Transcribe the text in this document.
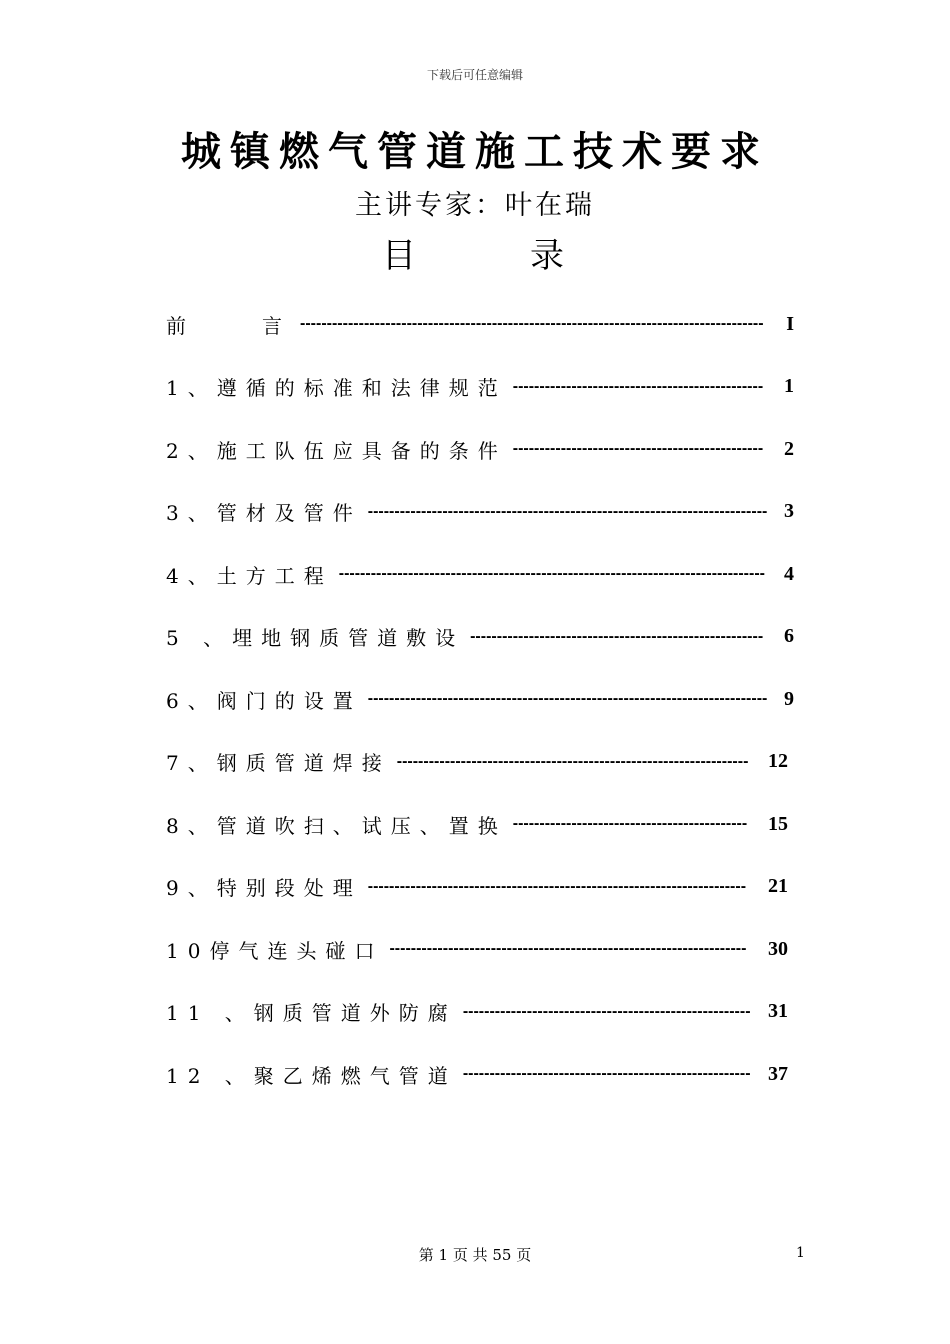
下载后可任意编辑
城镇燃气管道施工技术要求
主讲专家：叶在瑞
目	录
前　　言 --------------------------------------------------------------------------------------- I
1、遵循的标准和法律规范 ----------------------------------------------- 1
2、施工队伍应具备的条件 ----------------------------------------------- 2
3、管材及管件 --------------------------------------------------------------------------- 3
4、土方工程 -------------------------------------------------------------------------------- 4
5 、埋地钢质管道敷设 ------------------------------------------------------- 6
6、阀门的设置 --------------------------------------------------------------------------- 9
7、钢质管道焊接 ------------------------------------------------------------------ 12
8、管道吹扫、试压、置换 -------------------------------------------- 15
9、特别段处理 ----------------------------------------------------------------------- 21
10停气连头碰口 ------------------------------------------------------------------- 30
11 、钢质管道外防腐 ------------------------------------------------------ 31
12 、聚乙烯燃气管道 ------------------------------------------------------ 37
第 1 页 共 55 页	1
